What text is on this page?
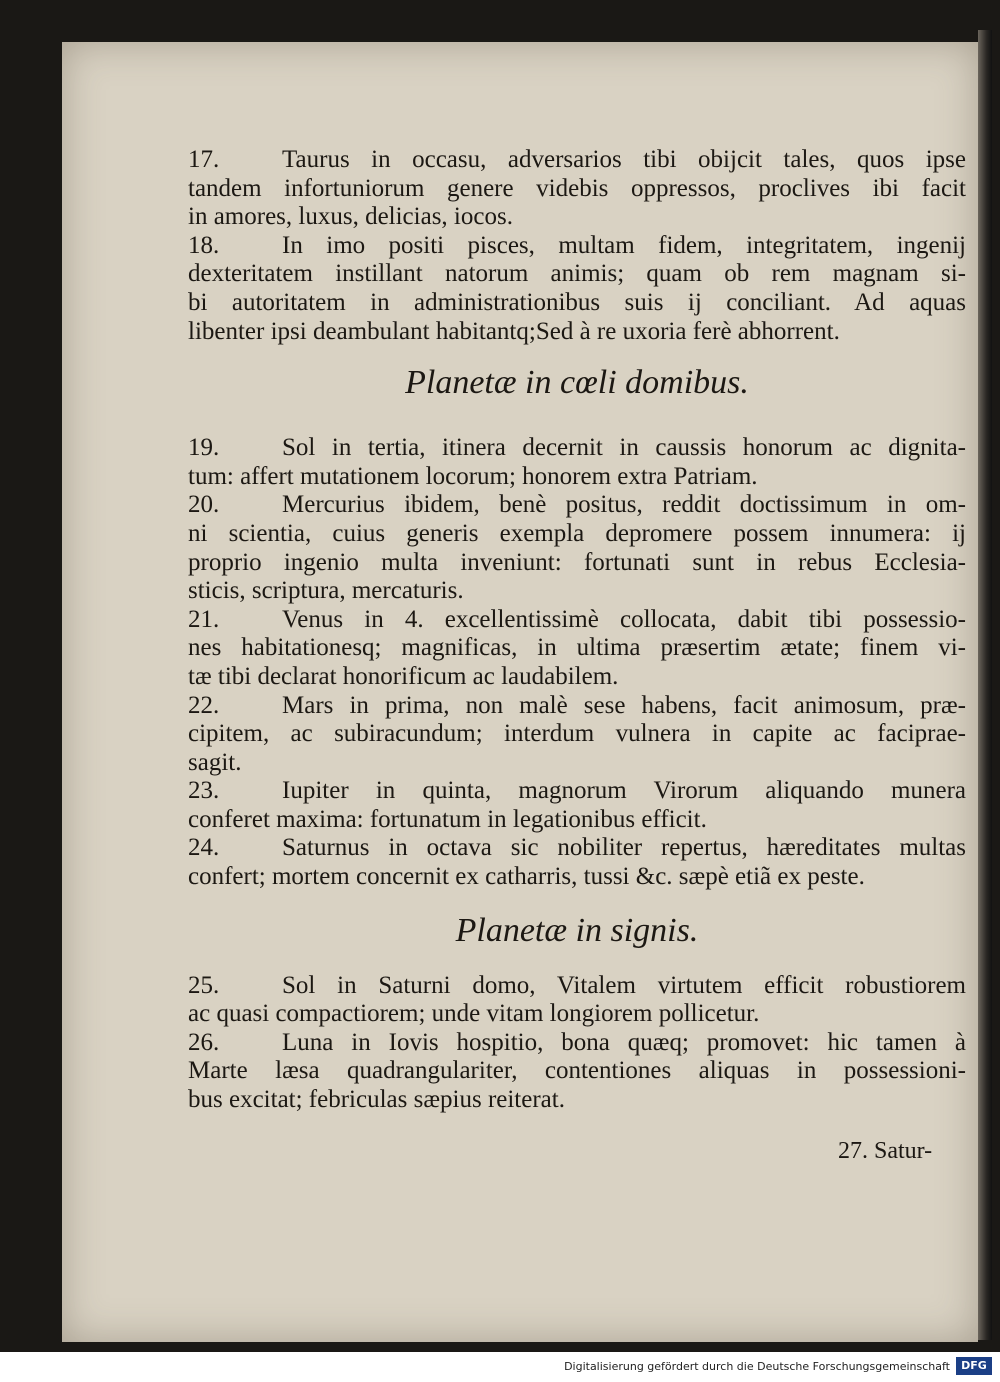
17.	Taurus in occasu, adversarios tibi obijcit tales, quos ipse
tandem infortuniorum genere videbis oppressos, proclives ibi facit
in amores, luxus, delicias, iocos.
18.	In imo positi pisces, multam fidem, integritatem, ingenij
dexteritatem instillant natorum animis; quam ob rem magnam si-
bi autoritatem in administrationibus suis ij conciliant. Ad aquas
libenter ipsi deambulant habitantq;Sed à re uxoria ferè abhorrent.
Planetæ in cœli domibus.
19.	Sol in tertia, itinera decernit in caussis honorum ac dignita-
tum: affert mutationem locorum; honorem extra Patriam.
20.	Mercurius ibidem, benè positus, reddit doctissimum in om-
ni scientia, cuius generis exempla depromere possem innumera: ij
proprio ingenio multa inveniunt: fortunati sunt in rebus Ecclesia-
sticis, scriptura, mercaturis.
21.	Venus in 4. excellentissimè collocata, dabit tibi possessio-
nes habitationesq; magnificas, in ultima præsertim ætate; finem vi-
tæ tibi declarat honorificum ac laudabilem.
22.	Mars in prima, non malè sese habens, facit animosum, præ-
cipitem, ac subiracundum; interdum vulnera in capite ac faciprae-
sagit.
23.	Iupiter in quinta, magnorum Virorum aliquando munera
conferet maxima: fortunatum in legationibus efficit.
24.	Saturnus in octava sic nobiliter repertus, hæreditates multas
confert; mortem concernit ex catharris, tussi &c. sæpè etiã ex peste.
Planetæ in signis.
25.	Sol in Saturni domo, Vitalem virtutem efficit robustiorem
ac quasi compactiorem; unde vitam longiorem pollicetur.
26.	Luna in Iovis hospitio, bona quæq; promovet: hic tamen à
Marte læsa quadrangulariter, contentiones aliquas in possessioni-
bus excitat; febriculas sæpius reiterat.
27. Satur-
Digitalisierung gefördert durch die Deutsche Forschungsgemeinschaft	DFG
